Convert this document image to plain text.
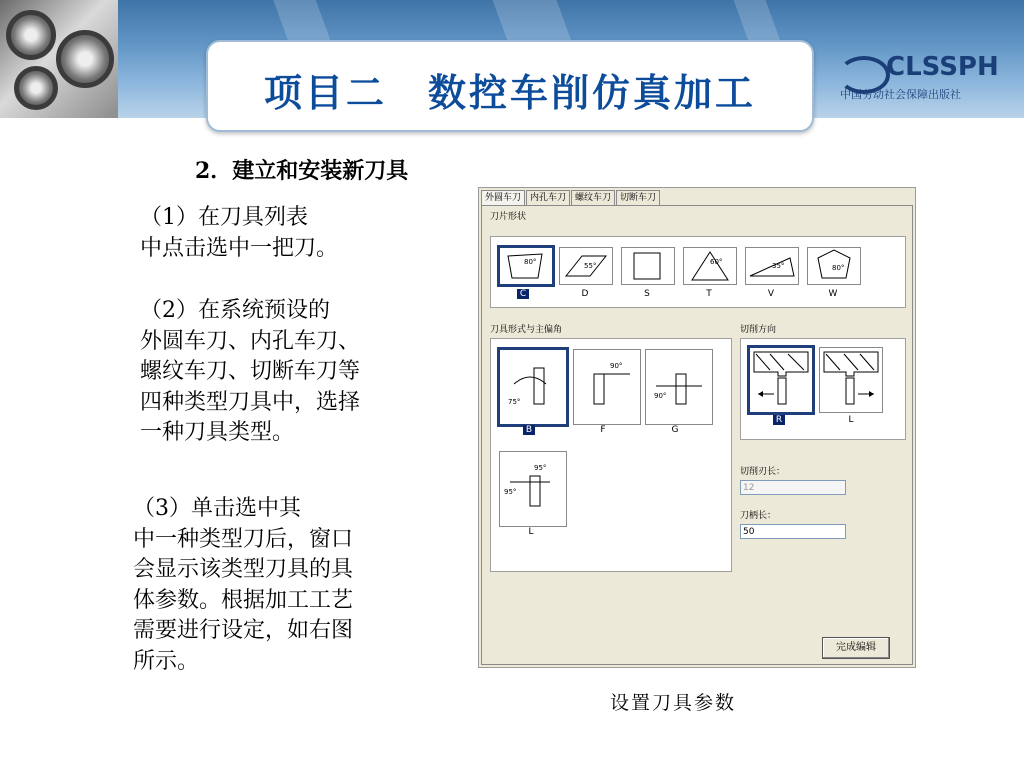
项目二　数控车削仿真加工
CLSSPH
中国劳动社会保障出版社
2．建立和安装新刀具
（1）在刀具列表
中点击选中一把刀。
（2）在系统预设的
外圆车刀、内孔车刀、
螺纹车刀、切断车刀等
四种类型刀具中，选择
一种刀具类型。
（3）单击选中其
中一种类型刀后，窗口
会显示该类型刀具的具
体参数。根据加工工艺
需要进行设定，如右图
所示。
设置刀具参数
外圆车刀	内孔车刀	螺纹车刀	切断车刀
刀片形状
80°	55°	60°	35°	80°
C	D	S	T	V	W
刀具形式与主偏角
75°
90°
90°
95°
95°
B	F	G
L
切削方向
R	L
切削刃长：
12
刀柄长：
50
完成编辑
